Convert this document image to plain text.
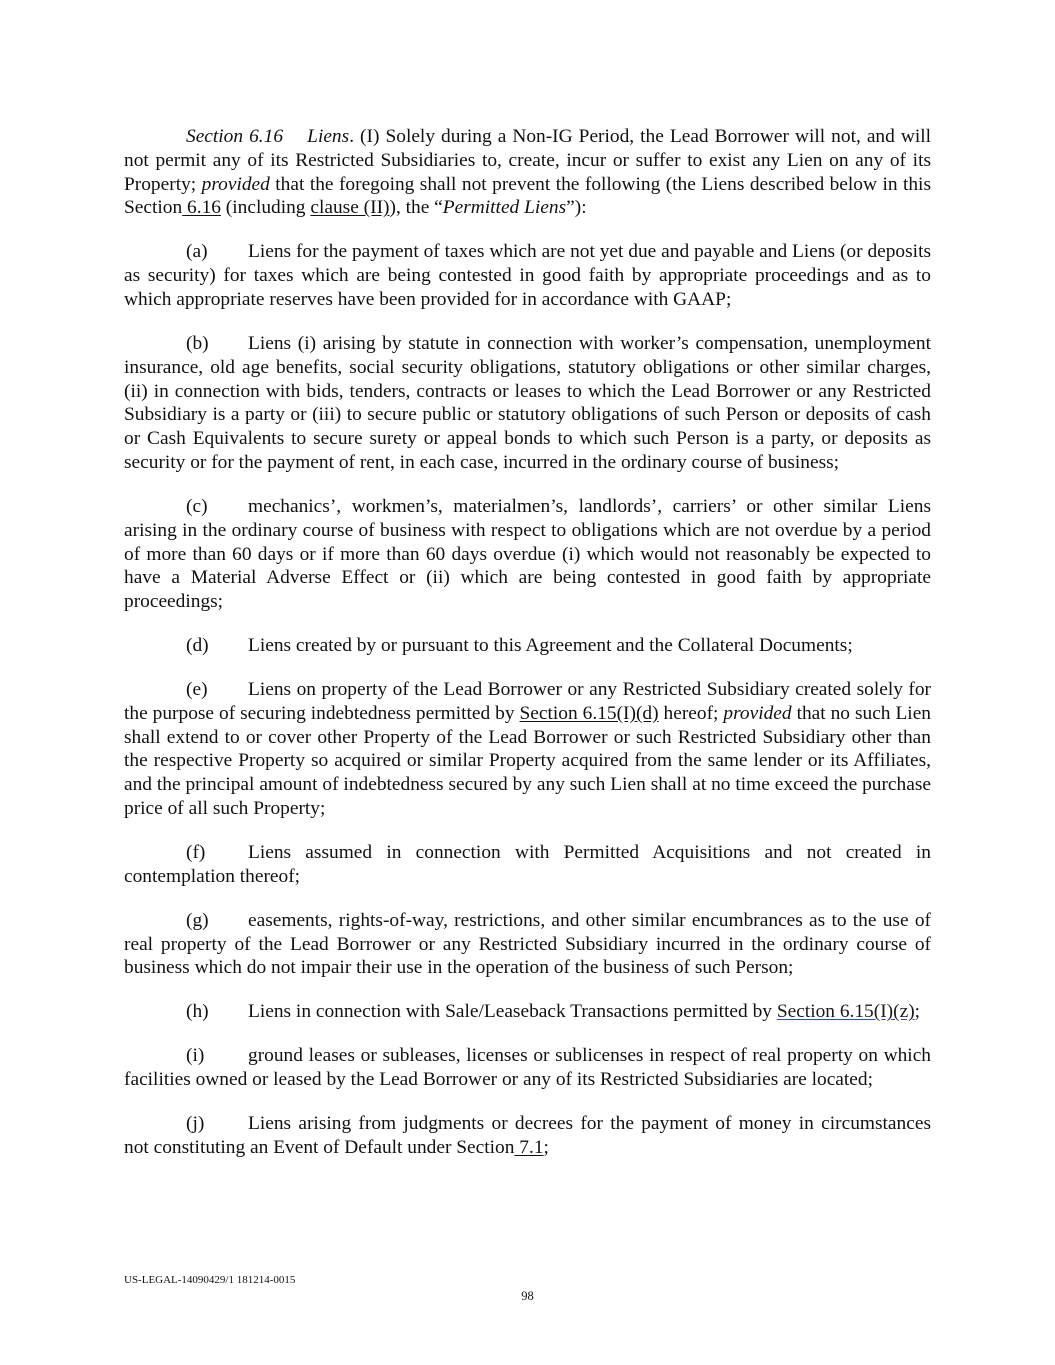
Section 6.16 Liens. (I) Solely during a Non-IG Period, the Lead Borrower will not, and will not permit any of its Restricted Subsidiaries to, create, incur or suffer to exist any Lien on any of its Property; provided that the foregoing shall not prevent the following (the Liens described below in this Section 6.16 (including clause (II)), the “Permitted Liens”):

(a) Liens for the payment of taxes which are not yet due and payable and Liens (or deposits as security) for taxes which are being contested in good faith by appropriate proceedings and as to which appropriate reserves have been provided for in accordance with GAAP;

(b) Liens (i) arising by statute in connection with worker’s compensation, unemployment insurance, old age benefits, social security obligations, statutory obligations or other similar charges, (ii) in connection with bids, tenders, contracts or leases to which the Lead Borrower or any Restricted Subsidiary is a party or (iii) to secure public or statutory obligations of such Person or deposits of cash or Cash Equivalents to secure surety or appeal bonds to which such Person is a party, or deposits as security or for the payment of rent, in each case, incurred in the ordinary course of business;

(c) mechanics’, workmen’s, materialmen’s, landlords’, carriers’ or other similar Liens arising in the ordinary course of business with respect to obligations which are not overdue by a period of more than 60 days or if more than 60 days overdue (i) which would not reasonably be expected to have a Material Adverse Effect or (ii) which are being contested in good faith by appropriate proceedings;

(d) Liens created by or pursuant to this Agreement and the Collateral Documents;

(e) Liens on property of the Lead Borrower or any Restricted Subsidiary created solely for the purpose of securing indebtedness permitted by Section 6.15(I)(d) hereof; provided that no such Lien shall extend to or cover other Property of the Lead Borrower or such Restricted Subsidiary other than the respective Property so acquired or similar Property acquired from the same lender or its Affiliates, and the principal amount of indebtedness secured by any such Lien shall at no time exceed the purchase price of all such Property;

(f) Liens assumed in connection with Permitted Acquisitions and not created in contemplation thereof;

(g) easements, rights-of-way, restrictions, and other similar encumbrances as to the use of real property of the Lead Borrower or any Restricted Subsidiary incurred in the ordinary course of business which do not impair their use in the operation of the business of such Person;

(h) Liens in connection with Sale/Leaseback Transactions permitted by Section 6.15(I)(z);

(i) ground leases or subleases, licenses or sublicenses in respect of real property on which facilities owned or leased by the Lead Borrower or any of its Restricted Subsidiaries are located;

(j) Liens arising from judgments or decrees for the payment of money in circumstances not constituting an Event of Default under Section 7.1;

US-LEGAL-14090429/1 181214-0015
98
